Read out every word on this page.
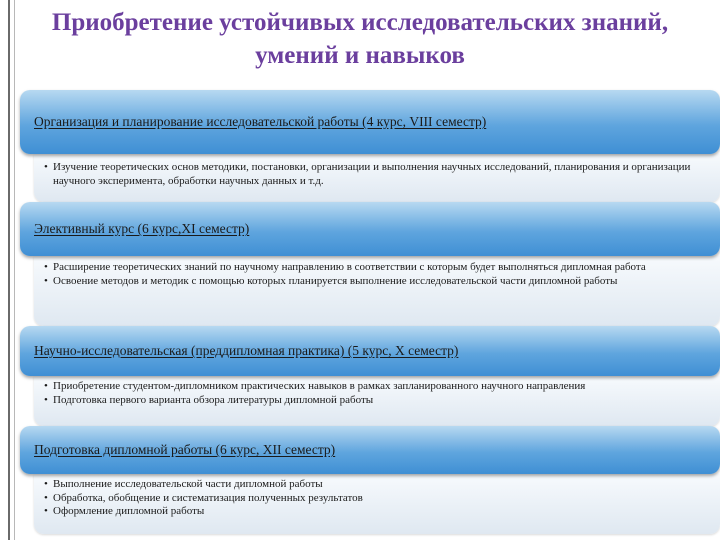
Приобретение устойчивых исследовательских знаний, умений и навыков
Организация и планирование исследовательской работы (4 курс, VIII семестр)
• Изучение теоретических основ методики, постановки, организации и выполнения научных исследований, планирования и организации научного эксперимента, обработки научных данных и т.д.
Элективный курс (6 курс,XI семестр)
• Расширение теоретических знаний по научному направлению в соответствии с которым будет выполняться дипломная работа
• Освоение методов и методик с помощью которых планируется выполнение исследовательской части дипломной работы
Научно-исследовательская (преддипломная практика) (5 курс, X семестр)
• Приобретение студентом-дипломником практических навыков в рамках запланированного научного направления
• Подготовка первого варианта обзора литературы дипломной работы
Подготовка дипломной работы (6 курс, XII семестр)
• Выполнение исследовательской части дипломной работы
• Обработка, обобщение и систематизация полученных результатов
• Оформление дипломной работы
